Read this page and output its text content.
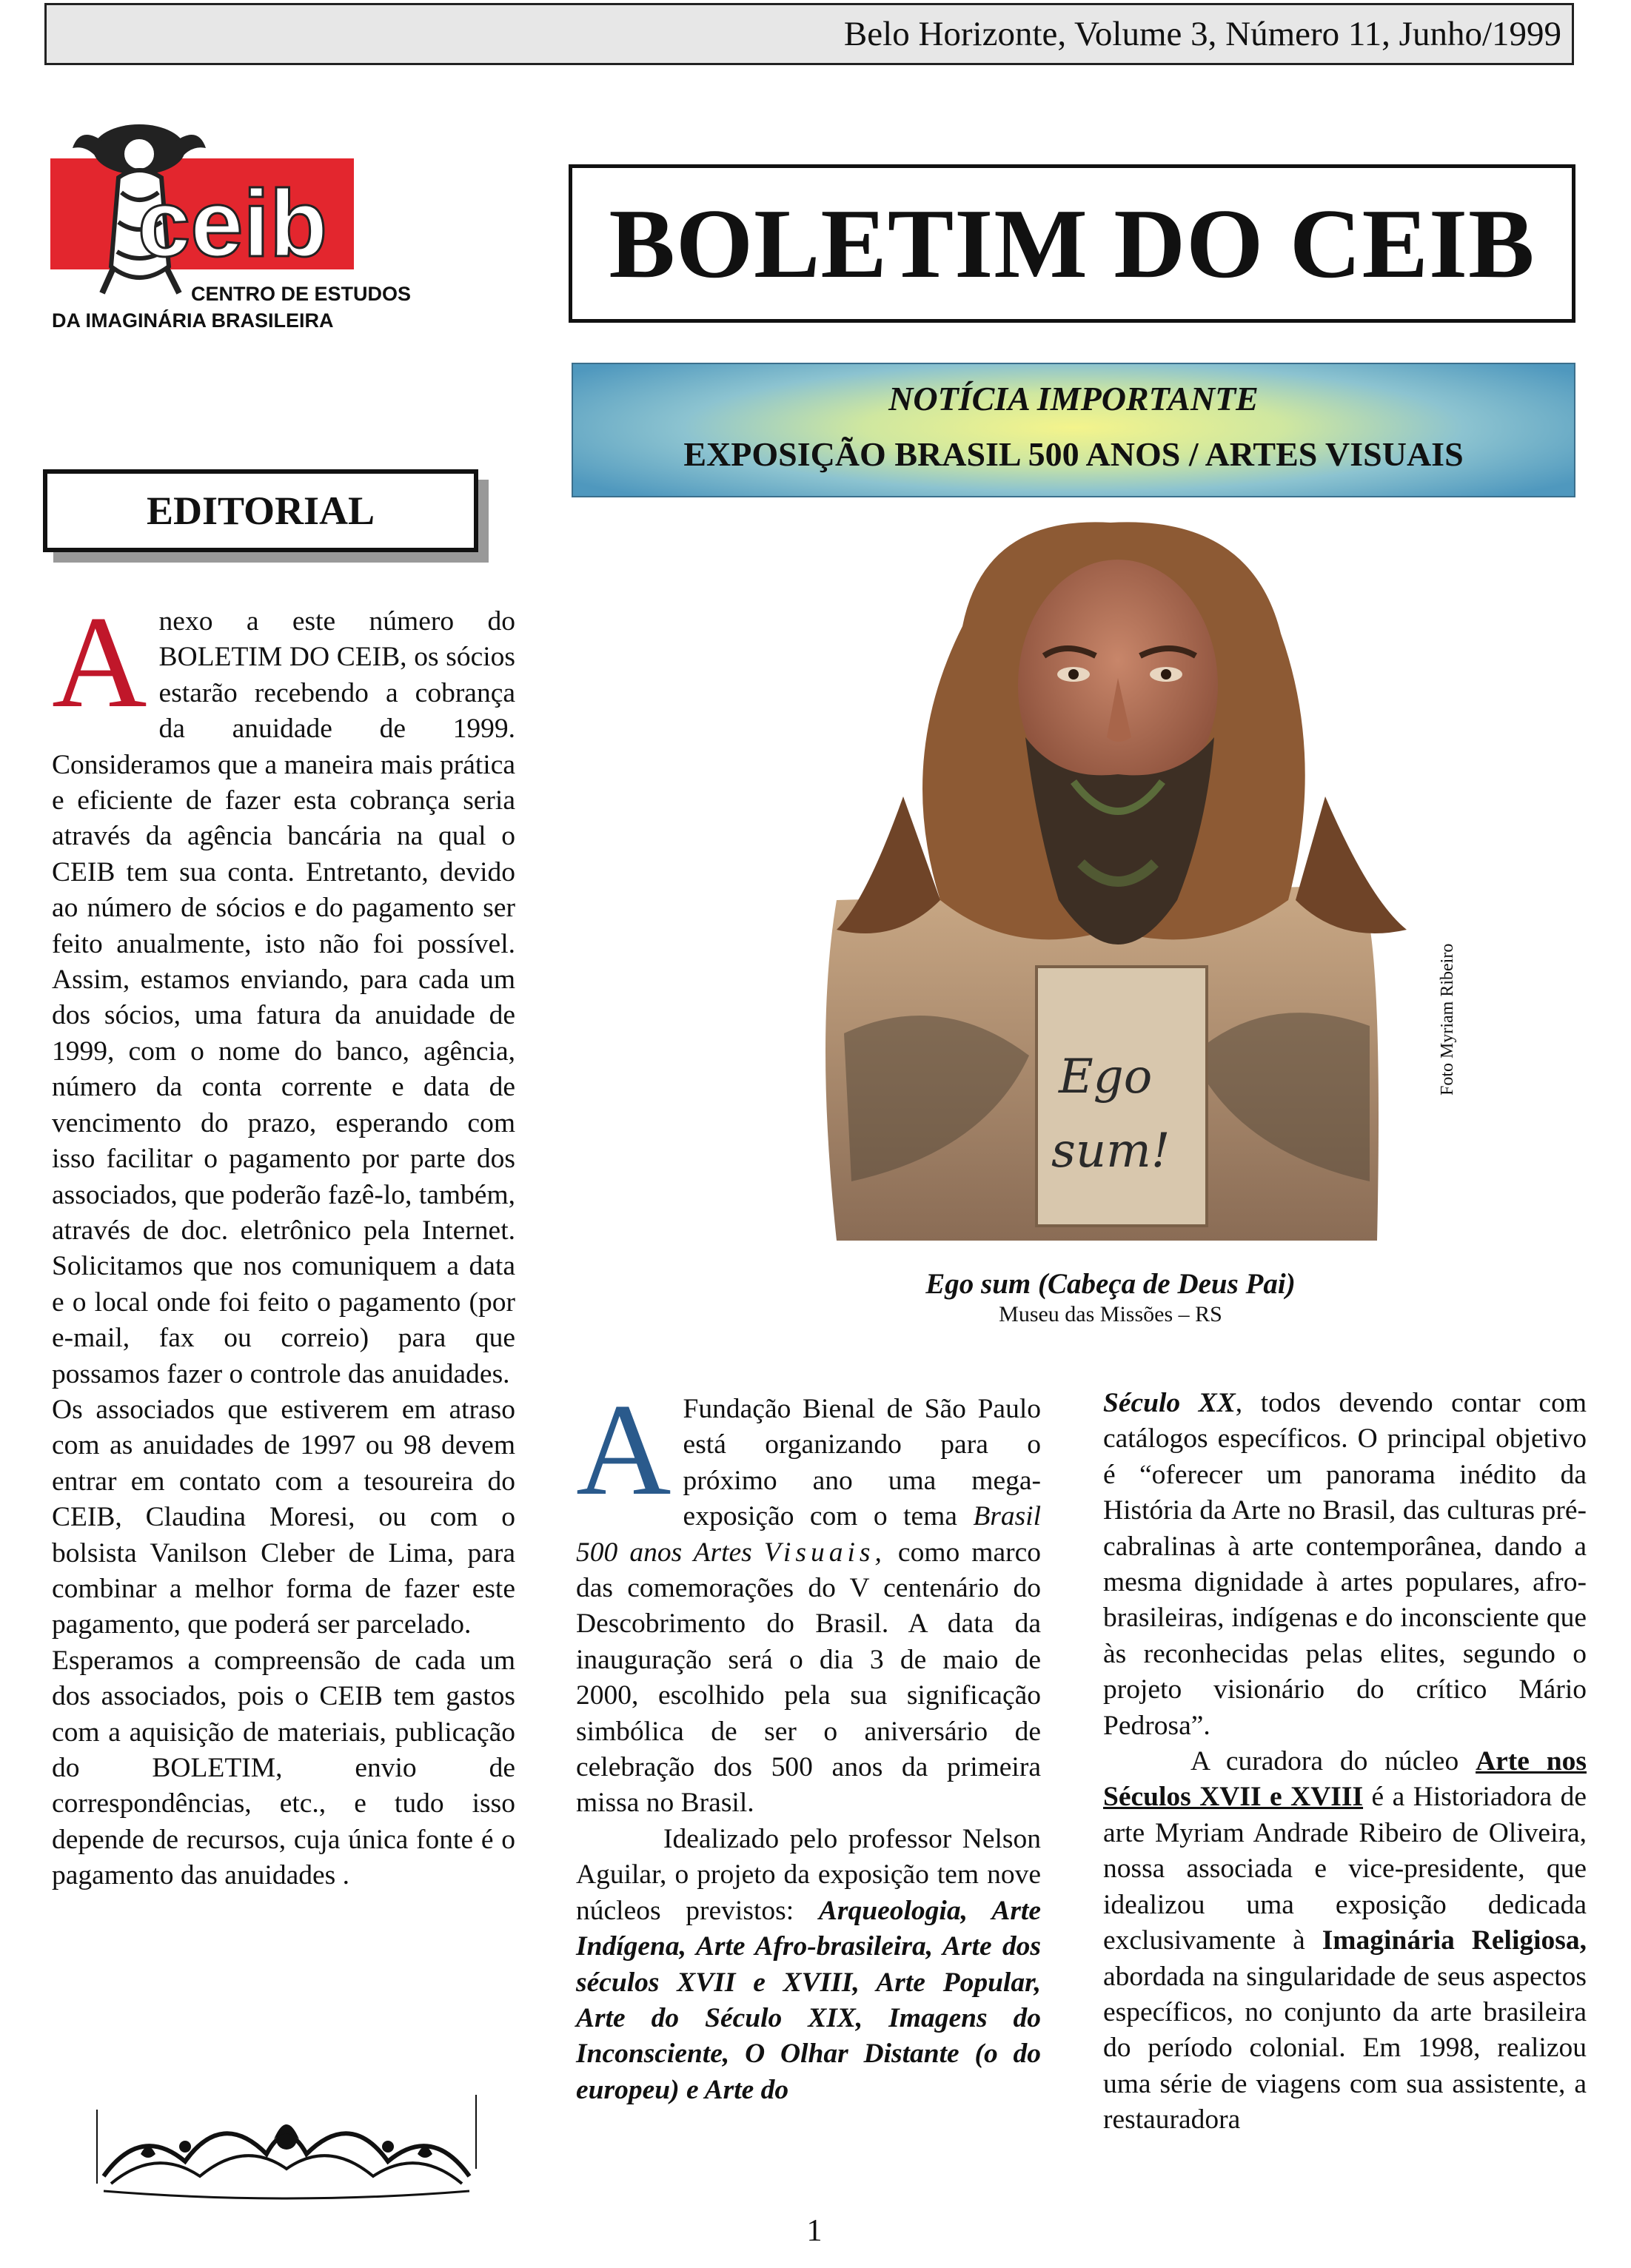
Belo Horizonte, Volume 3, Número 11, Junho/1999
ceib
CENTRO DE ESTUDOS
DA IMAGINÁRIA BRASILEIRA
BOLETIM DO CEIB
NOTÍCIA IMPORTANTE
EXPOSIÇÃO BRASIL 500 ANOS / ARTES VISUAIS
EDITORIAL

Anexo a este número do BOLETIM DO CEIB, os sócios estarão recebendo a cobrança da anuidade de 1999. Consideramos que a maneira mais prática e eficiente de fazer esta cobrança seria através da agência bancária na qual o CEIB tem sua conta. Entretanto, devido ao número de sócios e do pagamento ser feito anualmente, isto não foi possível. Assim, estamos enviando, para cada um dos sócios, uma fatura da anuidade de 1999, com o nome do banco, agência, número da conta corrente e data de vencimento do prazo, esperando com isso facilitar o pagamento por parte dos associados, que poderão fazê-lo, também, através de doc. eletrônico pela Internet. Solicitamos que nos comuniquem a data e o local onde foi feito o pagamento (por e-mail, fax ou correio) para que possamos fazer o controle das anuidades.

Os associados que estiverem em atraso com as anuidades de 1997 ou 98 devem entrar em contato com a tesoureira do CEIB, Claudina Moresi, ou com o bolsista Vanilson Cleber de Lima, para combinar a melhor forma de fazer este pagamento, que poderá ser parcelado.

Esperamos a compreensão de cada um dos associados, pois o CEIB tem gastos com a aquisição de materiais, publicação do BOLETIM, envio de correspondências, etc., e tudo isso depende de recursos, cuja única fonte é o pagamento das anuidades .

Ego
sum!
Foto Myriam Ribeiro
Ego sum (Cabeça de Deus Pai)
Museu das Missões – RS

A Fundação Bienal de São Paulo está organizando para o próximo ano uma mega-exposição com o tema Brasil 500 anos Artes Visuais, como marco das comemorações do V centenário do Descobrimento do Brasil. A data da inauguração será o dia 3 de maio de 2000, escolhido pela sua significação simbólica de ser o aniversário de celebração dos 500 anos da primeira missa no Brasil.

Idealizado pelo professor Nelson Aguilar, o projeto da exposição tem nove núcleos previstos: Arqueologia, Arte Indígena, Arte Afro-brasileira, Arte dos séculos XVII e XVIII, Arte Popular, Arte do Século XIX, Imagens do Inconsciente, O Olhar Distante (o do europeu) e Arte do

Século XX, todos devendo contar com catálogos específicos. O principal objetivo é “oferecer um panorama inédito da História da Arte no Brasil, das culturas pré-cabralinas à arte contemporânea, dando a mesma dignidade à artes populares, afro-brasileiras, indígenas e do inconsciente que às reconhecidas pelas elites, segundo o projeto visionário do crítico Mário Pedrosa”.

A curadora do núcleo Arte nos Séculos XVII e XVIII é a Historiadora de arte Myriam Andrade Ribeiro de Oliveira, nossa associada e vice-presidente, que idealizou uma exposição dedicada exclusivamente à Imaginária Religiosa, abordada na singularidade de seus aspectos específicos, no conjunto da arte brasileira do período colonial. Em 1998, realizou uma série de viagens com sua assistente, a restauradora

1
